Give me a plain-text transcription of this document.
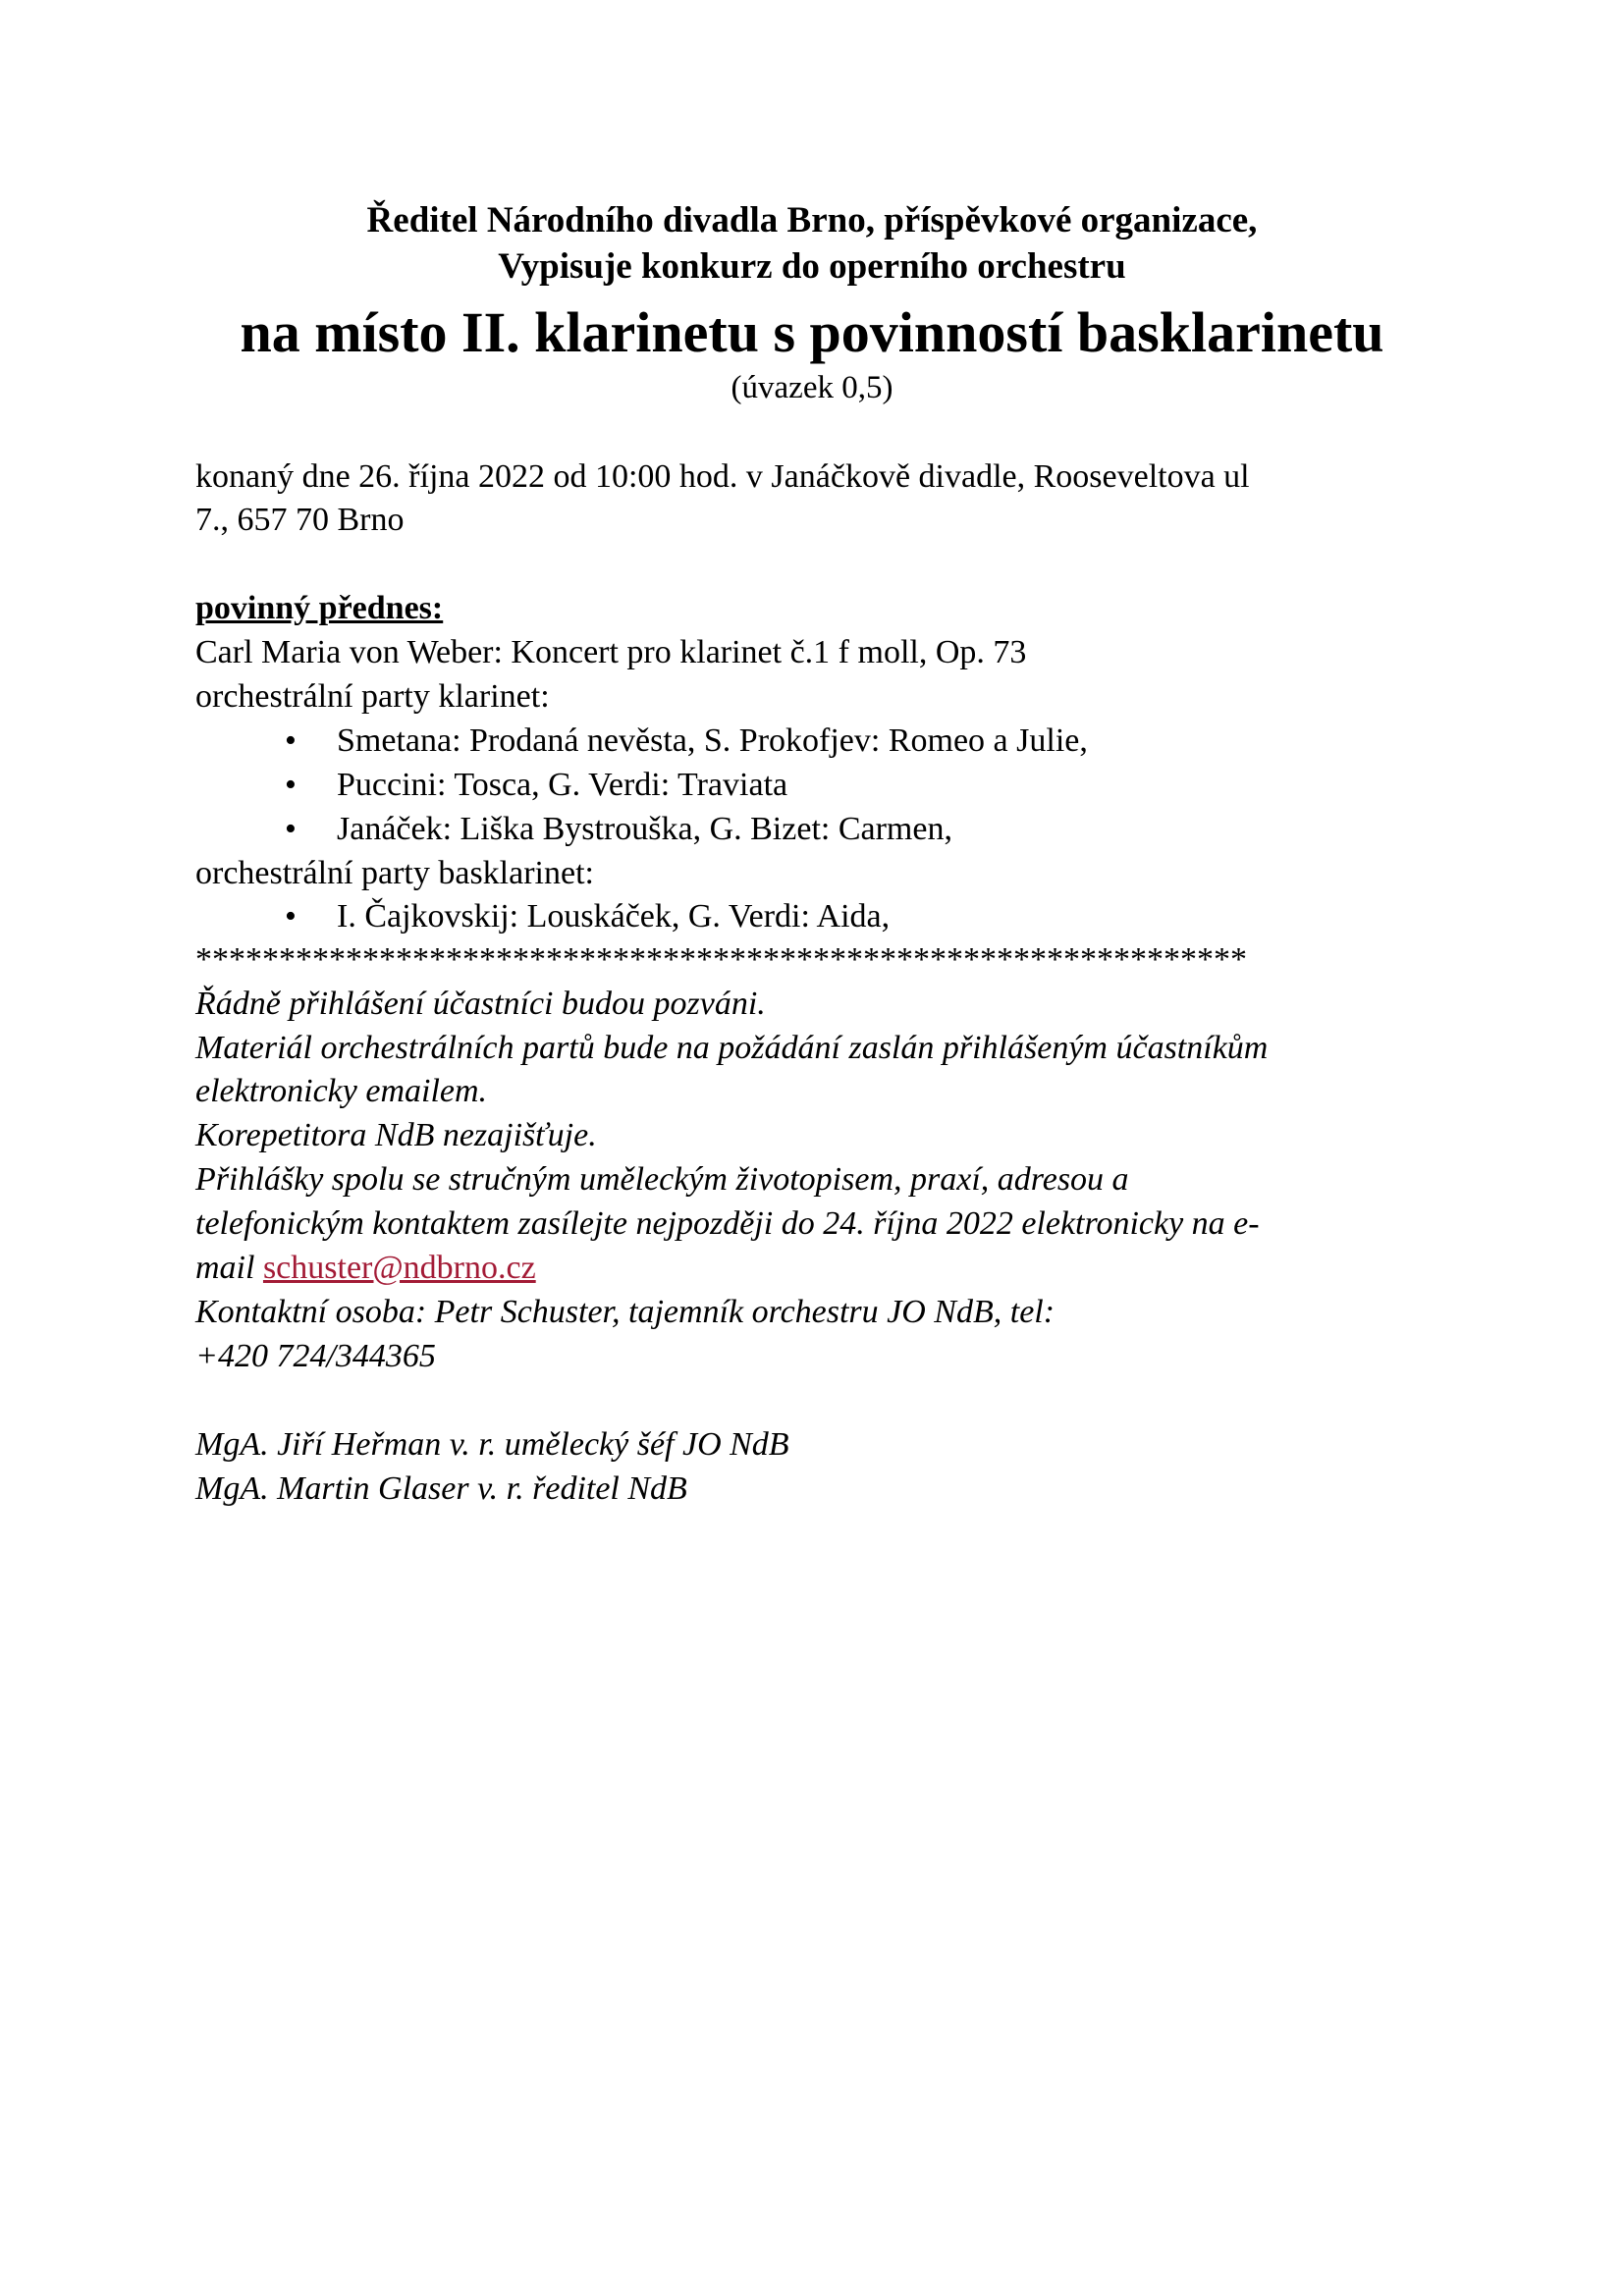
Ředitel Národního divadla Brno, příspěvkové organizace,
Vypisuje konkurz do operního orchestru
na místo II. klarinetu s povinností basklarinetu
(úvazek 0,5)
konaný dne 26. října 2022 od 10:00 hod. v Janáčkově divadle, Rooseveltova ul
7., 657 70 Brno
povinný přednes:
Carl Maria von Weber: Koncert pro klarinet č.1 f moll, Op. 73
orchestrální party klarinet:
• Smetana: Prodaná nevěsta, S. Prokofjev: Romeo a Julie,
• Puccini: Tosca, G. Verdi: Traviata
• Janáček: Liška Bystrouška, G. Bizet: Carmen,
orchestrální party basklarinet:
• I. Čajkovskij: Louskáček, G. Verdi: Aida,
***************************************************************
Řádně přihlášení účastníci budou pozváni.
Materiál orchestrálních partů bude na požádání zaslán přihlášeným účastníkům
elektronicky emailem.
Korepetitora NdB nezajišťuje.
Přihlášky spolu se stručným uměleckým životopisem, praxí, adresou a
telefonickým kontaktem zasílejte nejpozději do 24. října 2022 elektronicky na e-
mail schuster@ndbrno.cz
Kontaktní osoba: Petr Schuster, tajemník orchestru JO NdB, tel:
+420 724/344365
MgA. Jiří Heřman v. r. umělecký šéf JO NdB
MgA. Martin Glaser v. r. ředitel NdB
